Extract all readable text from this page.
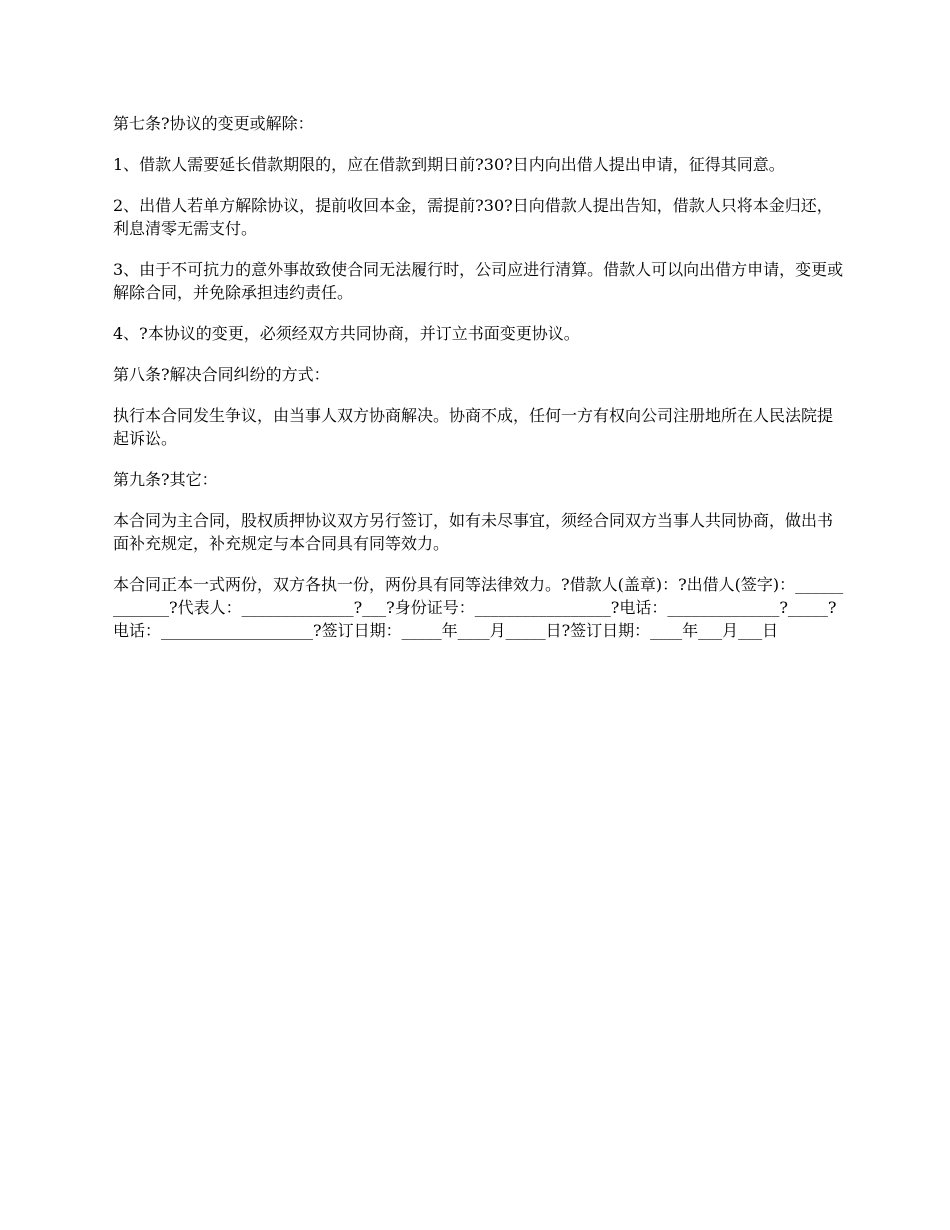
第七条?协议的变更或解除：

1、借款人需要延长借款期限的，应在借款到期日前?30?日内向出借人提出申请，征得其同意。

2、出借人若单方解除协议，提前收回本金，需提前?30?日向借款人提出告知，借款人只将本金归还，利息清零无需支付。

3、由于不可抗力的意外事故致使合同无法履行时，公司应进行清算。借款人可以向出借方申请，变更或解除合同，并免除承担违约责任。

4、?本协议的变更，必须经双方共同协商，并订立书面变更协议。

第八条?解决合同纠纷的方式：

执行本合同发生争议，由当事人双方协商解决。协商不成，任何一方有权向公司注册地所在人民法院提起诉讼。

第九条?其它：

本合同为主合同，股权质押协议双方另行签订，如有未尽事宜，须经合同双方当事人共同协商，做出书面补充规定，补充规定与本合同具有同等效力。

本合同正本一式两份，双方各执一份，两份具有同等法律效力。?借款人(盖章)：?出借人(签字)：_____________?代表人：______________?___?身份证号：_________________?电话：______________?_____?电话：___________________?签订日期：_____年____月_____日?签订日期：____年___月___日
